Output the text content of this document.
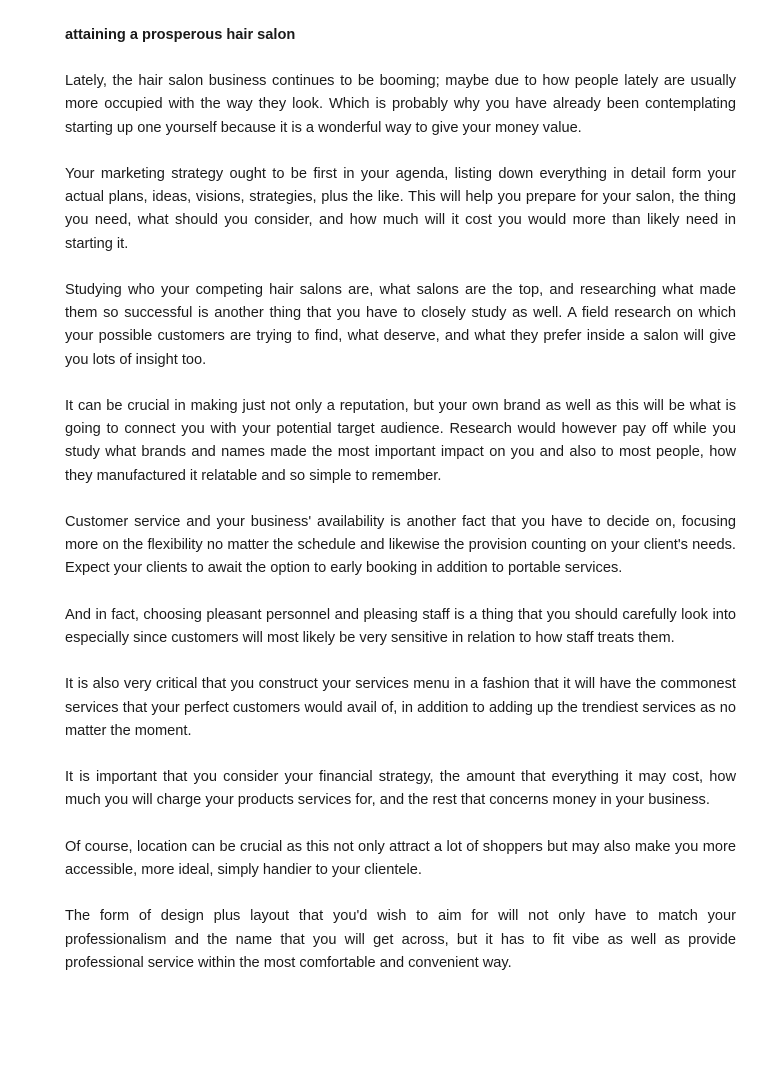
attaining a prosperous hair salon

Lately, the hair salon business continues to be booming; maybe due to how people lately are usually more occupied with the way they look. Which is probably why you have already been contemplating starting up one yourself because it is a wonderful way to give your money value.

Your marketing strategy ought to be first in your agenda, listing down everything in detail form your actual plans, ideas, visions, strategies, plus the like. This will help you prepare for your salon, the thing you need, what should you consider, and how much will it cost you would more than likely need in starting it.

Studying who your competing hair salons are, what salons are the top, and researching what made them so successful is another thing that you have to closely study as well. A field research on which your possible customers are trying to find, what deserve, and what they prefer inside a salon will give you lots of insight too.

It can be crucial in making just not only a reputation, but your own brand as well as this will be what is going to connect you with your potential target audience. Research would however pay off while you study what brands and names made the most important impact on you and also to most people, how they manufactured it relatable and so simple to remember.

Customer service and your business' availability is another fact that you have to decide on, focusing more on the flexibility no matter the schedule and likewise the provision counting on your client's needs. Expect your clients to await the option to early booking in addition to portable services.

And in fact, choosing pleasant personnel and pleasing staff is a thing that you should carefully look into especially since customers will most likely be very sensitive in relation to how staff treats them.

It is also very critical that you construct your services menu in a fashion that it will have the commonest services that your perfect customers would avail of, in addition to adding up the trendiest services as no matter the moment.

It is important that you consider your financial strategy, the amount that everything it may cost, how much you will charge your products services for, and the rest that concerns money in your business.

Of course, location can be crucial as this not only attract a lot of shoppers but may also make you more accessible, more ideal, simply handier to your clientele.

The form of design plus layout that you'd wish to aim for will not only have to match your professionalism and the name that you will get across, but it has to fit vibe as well as provide professional service within the most comfortable and convenient way.
